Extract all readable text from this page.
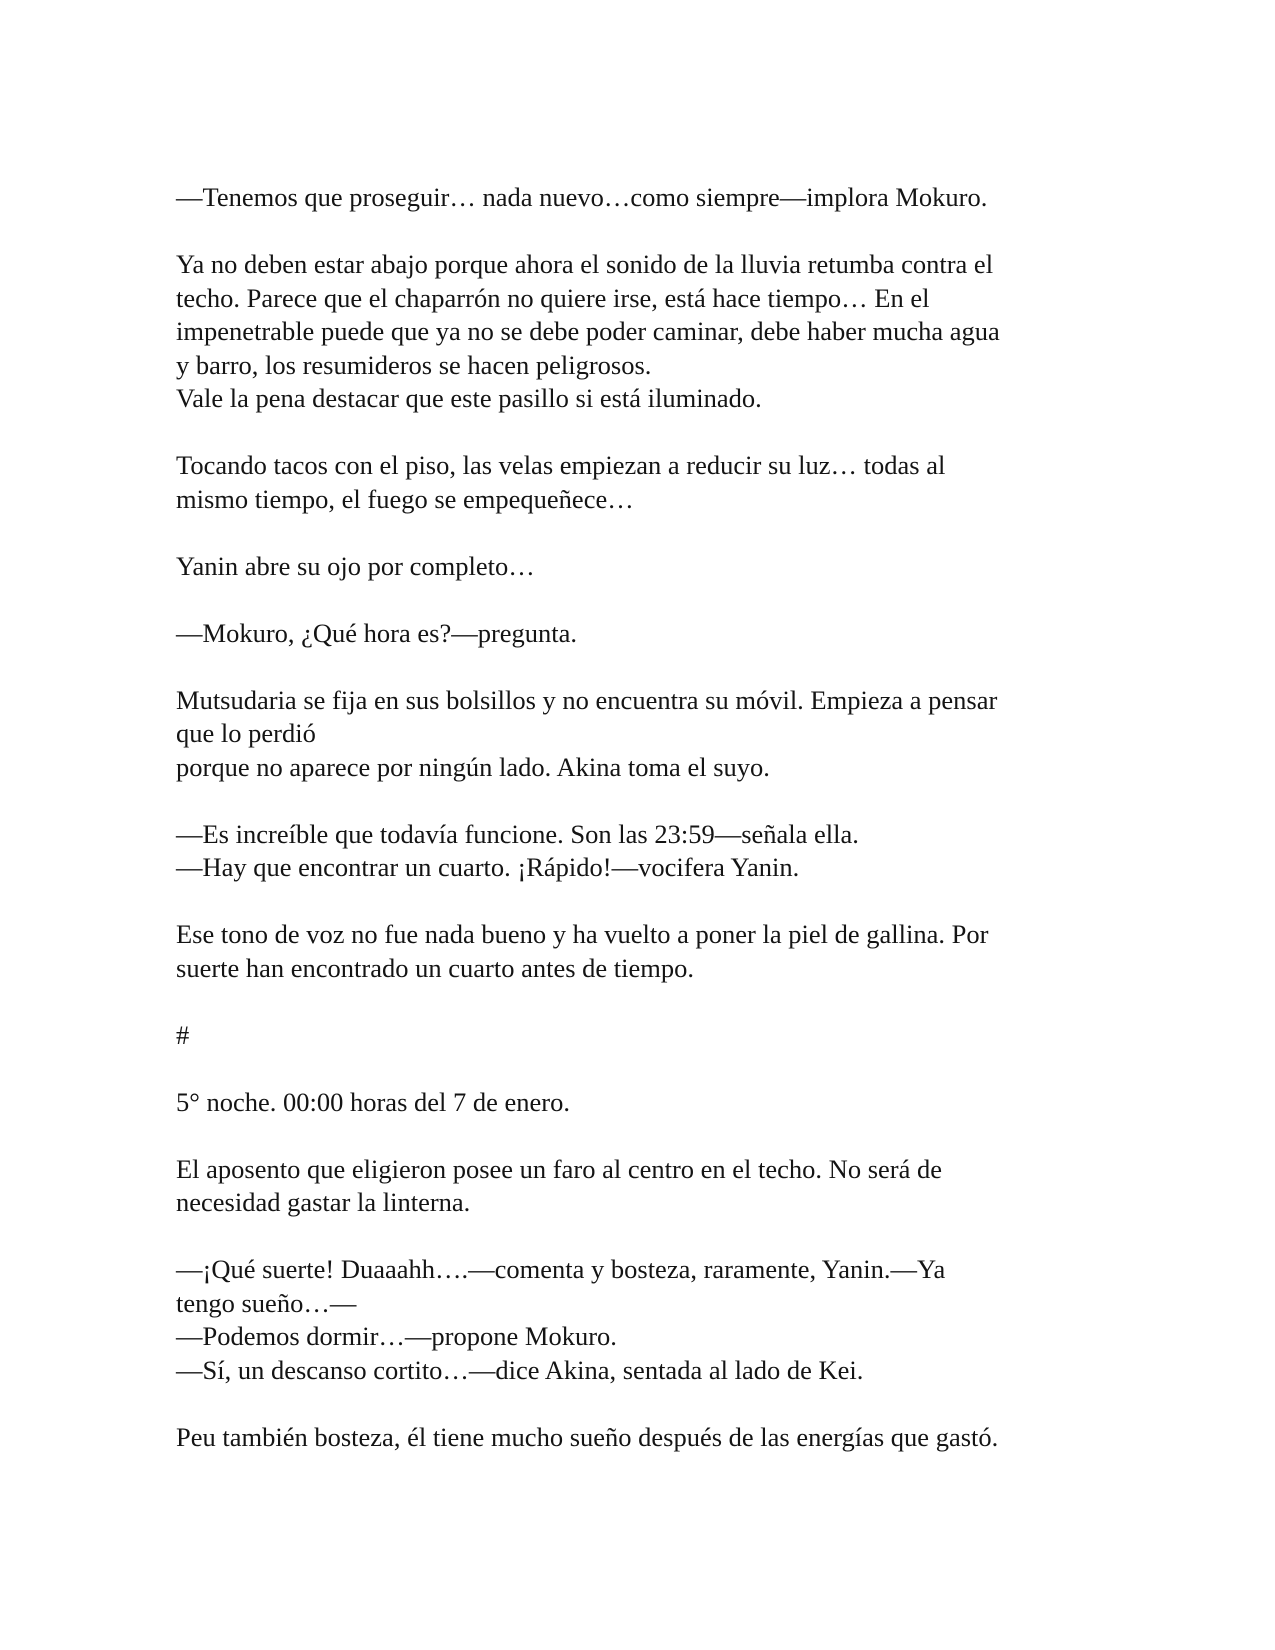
—Tenemos que proseguir… nada nuevo…como siempre—implora Mokuro.

Ya no deben estar abajo porque ahora el sonido de la lluvia retumba contra el
techo. Parece que el chaparrón no quiere irse, está hace tiempo… En el
impenetrable puede que ya no se debe poder caminar, debe haber mucha agua
y barro, los resumideros se hacen peligrosos.
Vale la pena destacar que este pasillo si está iluminado.

Tocando tacos con el piso, las velas empiezan a reducir su luz… todas al
mismo tiempo, el fuego se empequeñece…

Yanin abre su ojo por completo…

—Mokuro, ¿Qué hora es?—pregunta.

Mutsudaria se fija en sus bolsillos y no encuentra su móvil. Empieza a pensar
que lo perdió
porque no aparece por ningún lado. Akina toma el suyo.

—Es increíble que todavía funcione. Son las 23:59—señala ella.
—Hay que encontrar un cuarto. ¡Rápido!—vocifera Yanin.

Ese tono de voz no fue nada bueno y ha vuelto a poner la piel de gallina. Por
suerte han encontrado un cuarto antes de tiempo.

#

5° noche. 00:00 horas del 7 de enero.

El aposento que eligieron posee un faro al centro en el techo. No será de
necesidad gastar la linterna.

—¡Qué suerte! Duaaahh….—comenta y bosteza, raramente, Yanin.—Ya
tengo sueño…—
—Podemos dormir…—propone Mokuro.
—Sí, un descanso cortito…—dice Akina, sentada al lado de Kei.

Peu también bosteza, él tiene mucho sueño después de las energías que gastó.
